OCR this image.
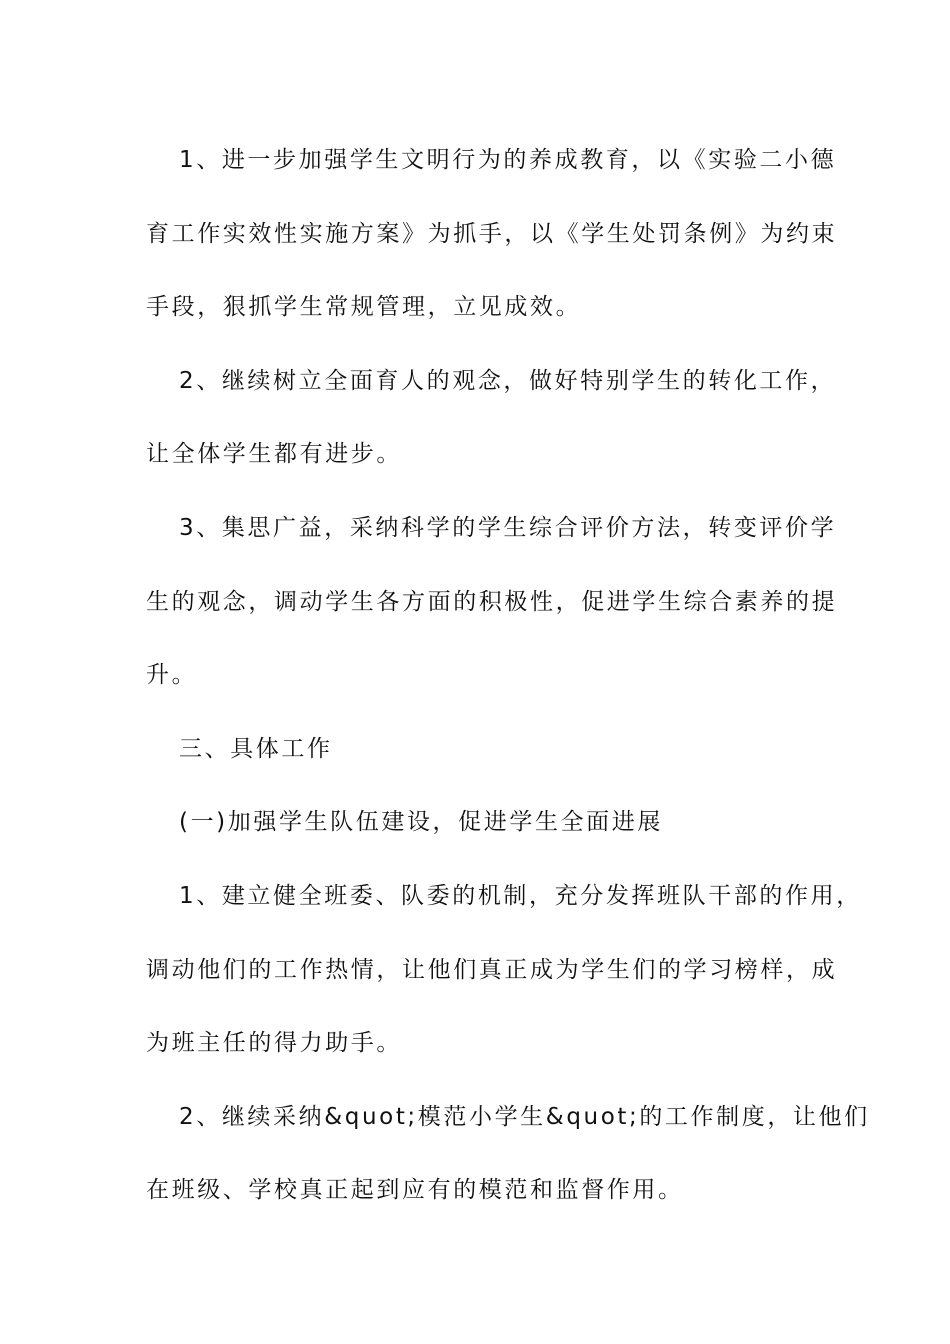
1、进一步加强学生文明行为的养成教育，以《实验二小德
育工作实效性实施方案》为抓手，以《学生处罚条例》为约束
手段，狠抓学生常规管理，立见成效。
2、继续树立全面育人的观念，做好特别学生的转化工作，
让全体学生都有进步。
3、集思广益，采纳科学的学生综合评价方法，转变评价学
生的观念，调动学生各方面的积极性，促进学生综合素养的提
升。
三、具体工作
(一)加强学生队伍建设，促进学生全面进展
1、建立健全班委、队委的机制，充分发挥班队干部的作用，
调动他们的工作热情，让他们真正成为学生们的学习榜样，成
为班主任的得力助手。
2、继续采纳&quot;模范小学生&quot;的工作制度，让他们
在班级、学校真正起到应有的模范和监督作用。
